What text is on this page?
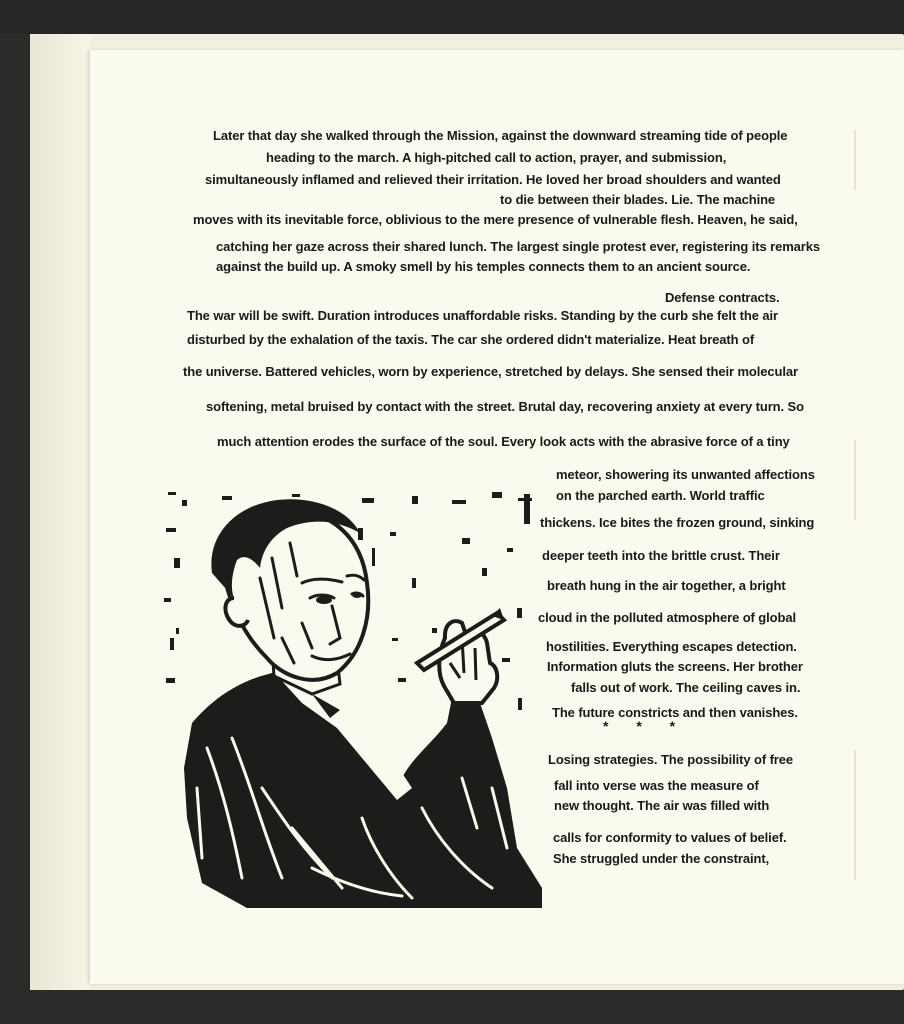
Later that day she walked through the Mission, against the downward streaming tide of people
heading to the march. A high-pitched call to action, prayer, and submission,
simultaneously inflamed and relieved their irritation. He loved her broad shoulders and wanted
to die between their blades. Lie. The machine
moves with its inevitable force, oblivious to the mere presence of vulnerable flesh. Heaven, he said,
catching her gaze across their shared lunch. The largest single protest ever, registering its remarks
against the build up. A smoky smell by his temples connects them to an ancient source.
Defense contracts.
The war will be swift. Duration introduces unaffordable risks. Standing by the curb she felt the air
disturbed by the exhalation of the taxis. The car she ordered didn't materialize. Heat breath of
the universe. Battered vehicles, worn by experience, stretched by delays. She sensed their molecular
softening, metal bruised by contact with the street. Brutal day, recovering anxiety at every turn. So
much attention erodes the surface of the soul. Every look acts with the abrasive force of a tiny
meteor, showering its unwanted affections
on the parched earth. World traffic
thickens. Ice bites the frozen ground, sinking
deeper teeth into the brittle crust. Their
breath hung in the air together, a bright
cloud in the polluted atmosphere of global
hostilities. Everything escapes detection.
Information gluts the screens. Her brother
falls out of work. The ceiling caves in.
The future constricts and then vanishes.
* * *
Losing strategies. The possibility of free
fall into verse was the measure of
new thought. The air was filled with
calls for conformity to values of belief.
She struggled under the constraint,
